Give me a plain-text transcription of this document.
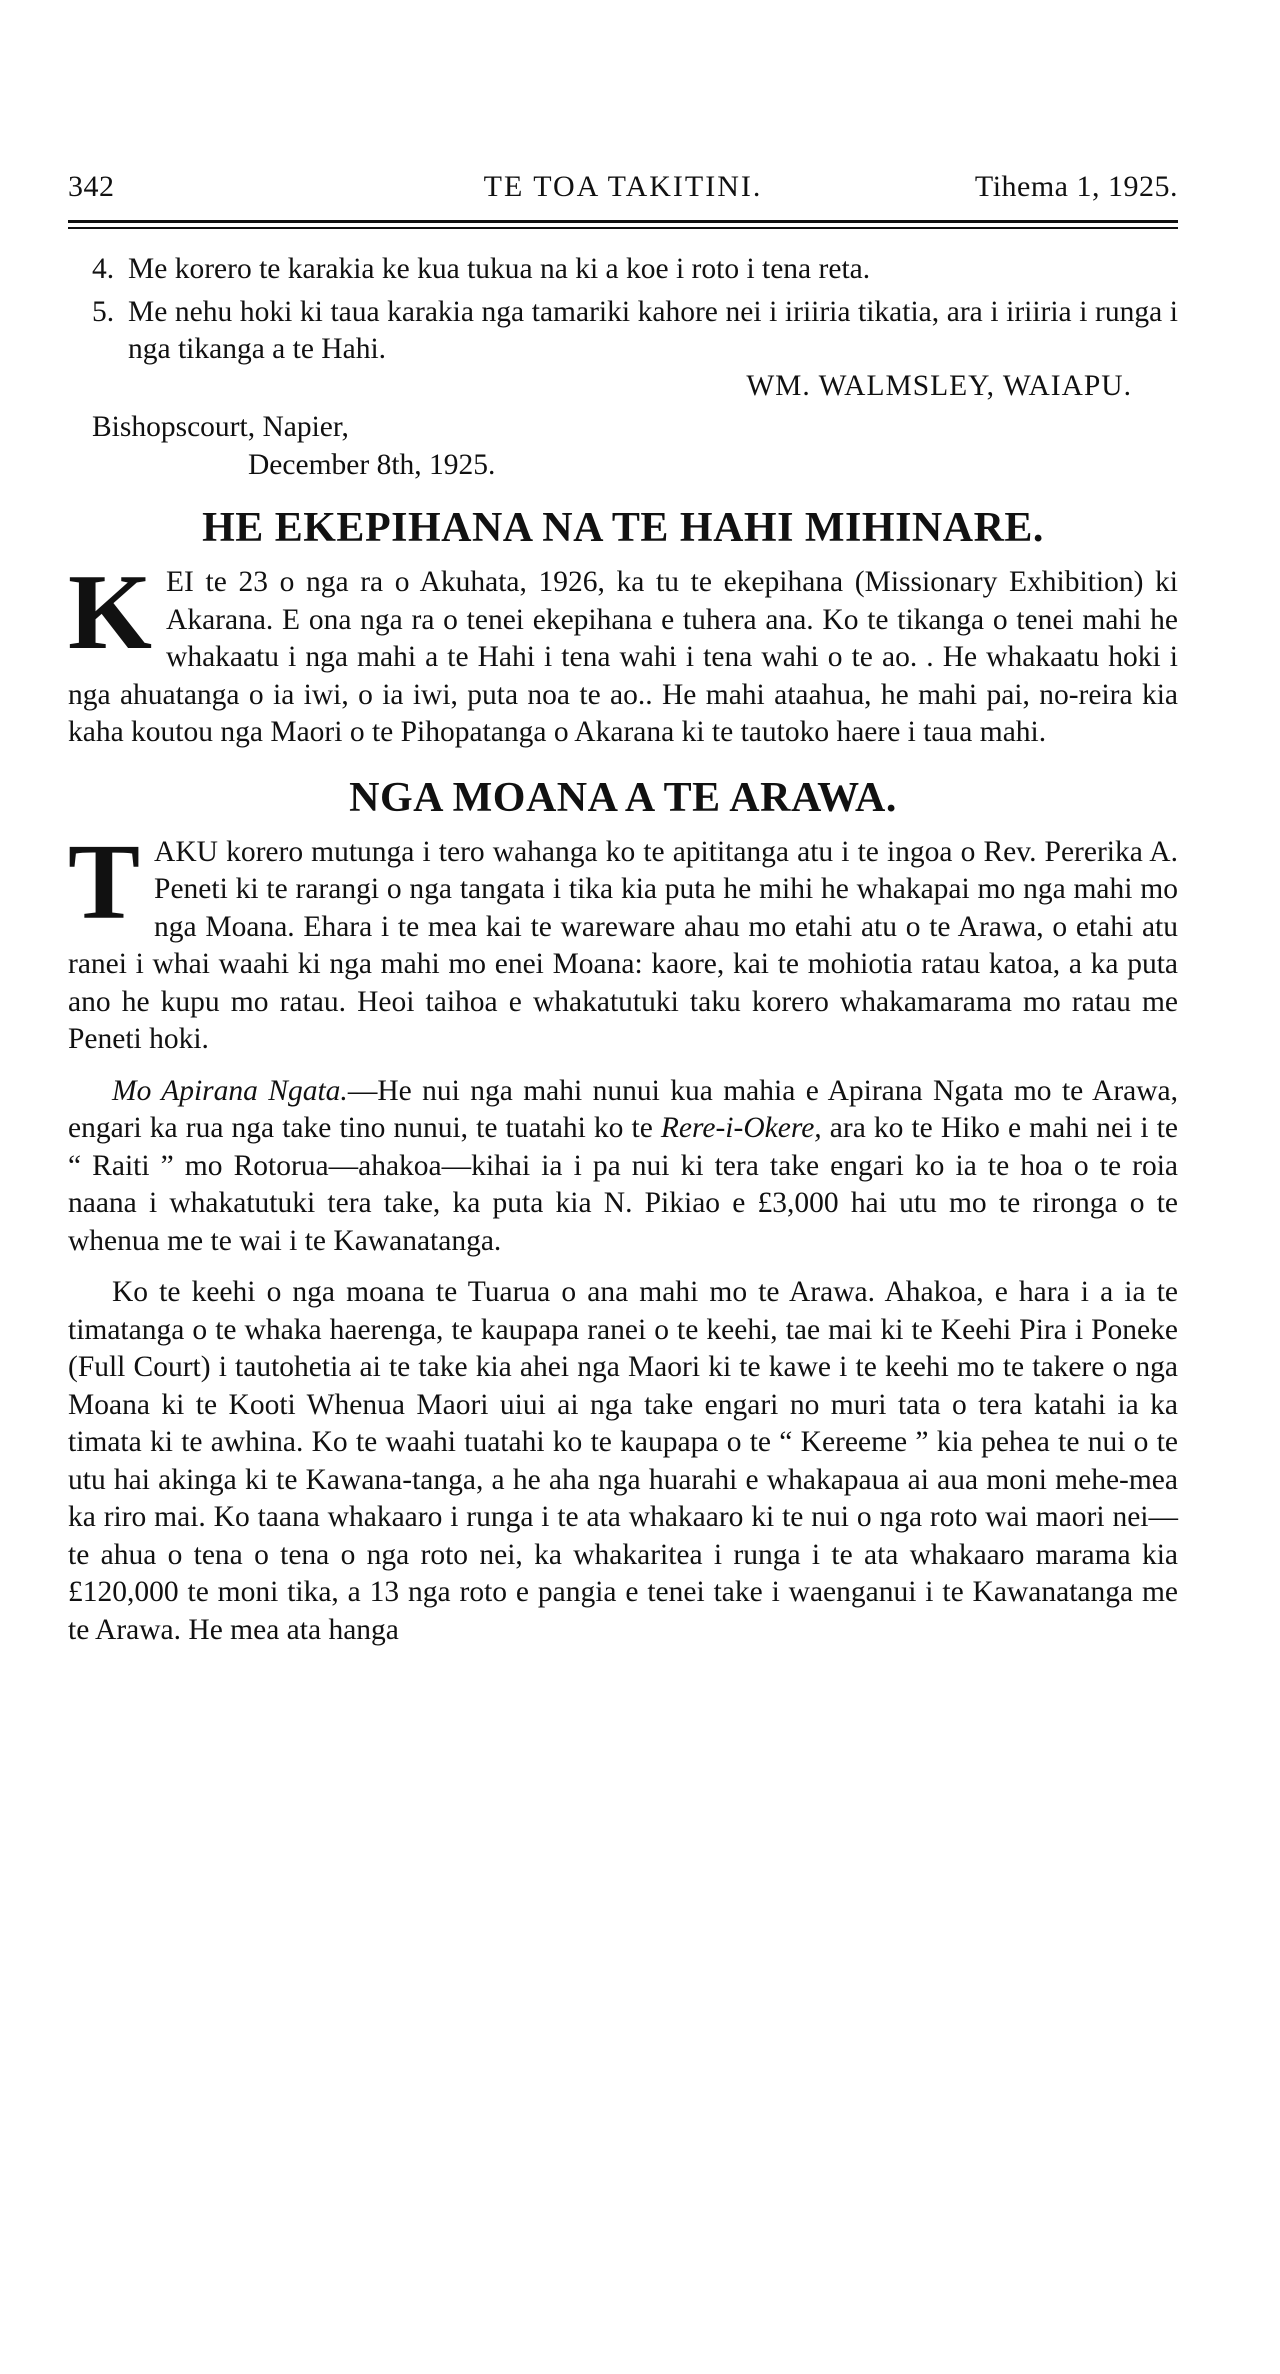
342	TE TOA TAKITINI.	Tihema 1, 1925.
4. Me korero te karakia ke kua tukua na ki a koe i roto i tena reta.
5. Me nehu hoki ki taua karakia nga tamariki kahore nei i iriiria tikatia, ara i iriiria i runga i nga tikanga a te Hahi.
WM. WALMSLEY, WAIAPU.
Bishopscourt, Napier,
December 8th, 1925.
HE EKEPIHANA NA TE HAHI MIHINARE.
KEI te 23 o nga ra o Akuhata, 1926, ka tu te ekepihana (Missionary Exhibition) ki Akarana. E ona nga ra o tenei ekepihana e tuhera ana. Ko te tikanga o tenei mahi he whakaatu i nga mahi a te Hahi i tena wahi i tena wahi o te ao. . He whakaatu hoki i nga ahuatanga o ia iwi, o ia iwi, puta noa te ao.. He mahi ataahua, he mahi pai, no-reira kia kaha koutou nga Maori o te Pihopatanga o Akarana ki te tautoko haere i taua mahi.
NGA MOANA A TE ARAWA.
TAKU korero mutunga i tero wahanga ko te apititanga atu i te ingoa o Rev. Pererika A. Peneti ki te rarangi o nga tangata i tika kia puta he mihi he whakapai mo nga mahi mo nga Moana. Ehara i te mea kai te wareware ahau mo etahi atu o te Arawa, o etahi atu ranei i whai waahi ki nga mahi mo enei Moana: kaore, kai te mohiotia ratau katoa, a ka puta ano he kupu mo ratau. Heoi taihoa e whakatutuki taku korero whakamarama mo ratau me Peneti hoki.
Mo Apirana Ngata.—He nui nga mahi nunui kua mahia e Apirana Ngata mo te Arawa, engari ka rua nga take tino nunui, te tuatahi ko te Rere-i-Okere, ara ko te Hiko e mahi nei i te “ Raiti ” mo Rotorua—ahakoa—kihai ia i pa nui ki tera take engari ko ia te hoa o te roia naana i whakatutuki tera take, ka puta kia N. Pikiao e £3,000 hai utu mo te rironga o te whenua me te wai i te Kawanatanga.
Ko te keehi o nga moana te Tuarua o ana mahi mo te Arawa. Ahakoa, e hara i a ia te timatanga o te whaka haerenga, te kaupapa ranei o te keehi, tae mai ki te Keehi Pira i Poneke (Full Court) i tautohetia ai te take kia ahei nga Maori ki te kawe i te keehi mo te takere o nga Moana ki te Kooti Whenua Maori uiui ai nga take engari no muri tata o tera katahi ia ka timata ki te awhina. Ko te waahi tuatahi ko te kaupapa o te “ Kereeme ” kia pehea te nui o te utu hai akinga ki te Kawana-tanga, a he aha nga huarahi e whakapaua ai aua moni mehe-mea ka riro mai. Ko taana whakaaro i runga i te ata whakaaro ki te nui o nga roto wai maori nei—te ahua o tena o tena o nga roto nei, ka whakaritea i runga i te ata whakaaro marama kia £120,000 te moni tika, a 13 nga roto e pangia e tenei take i waenganui i te Kawanatanga me te Arawa. He mea ata hanga
